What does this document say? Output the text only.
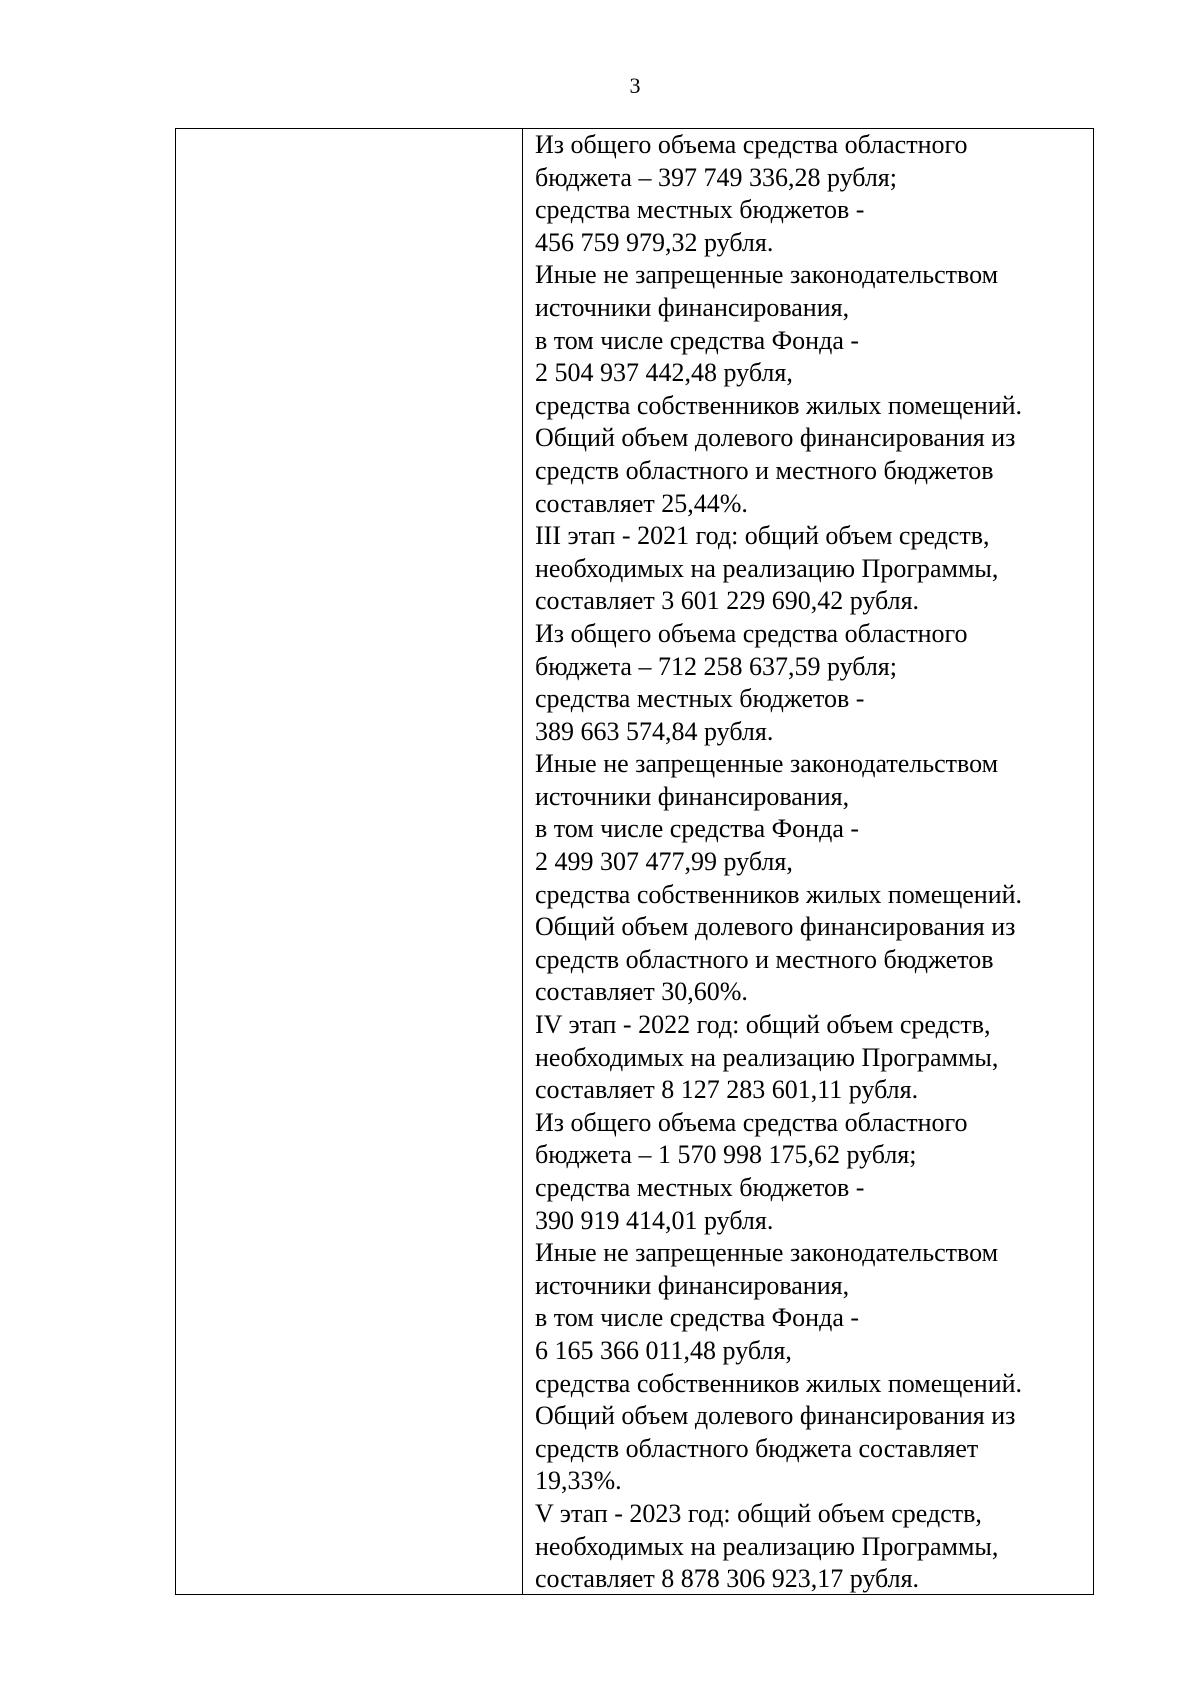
3
Из общего объема средства областного
бюджета – 397 749 336,28 рубля;
средства местных бюджетов -
456 759 979,32 рубля.
Иные не запрещенные законодательством
источники финансирования,
в том числе средства Фонда -
2 504 937 442,48 рубля,
средства собственников жилых помещений.
Общий объем долевого финансирования из
средств областного и местного бюджетов
составляет 25,44%.
III этап - 2021 год: общий объем средств,
необходимых на реализацию Программы,
составляет 3 601 229 690,42 рубля.
Из общего объема средства областного
бюджета – 712 258 637,59 рубля;
средства местных бюджетов -
389 663 574,84 рубля.
Иные не запрещенные законодательством
источники финансирования,
в том числе средства Фонда -
2 499 307 477,99 рубля,
средства собственников жилых помещений.
Общий объем долевого финансирования из
средств областного и местного бюджетов
составляет 30,60%.
IV этап - 2022 год: общий объем средств,
необходимых на реализацию Программы,
составляет 8 127 283 601,11 рубля.
Из общего объема средства областного
бюджета – 1 570 998 175,62 рубля;
средства местных бюджетов -
390 919 414,01 рубля.
Иные не запрещенные законодательством
источники финансирования,
в том числе средства Фонда -
6 165 366 011,48 рубля,
средства собственников жилых помещений.
Общий объем долевого финансирования из
средств областного бюджета составляет
19,33%.
V этап - 2023 год: общий объем средств,
необходимых на реализацию Программы,
составляет 8 878 306 923,17 рубля.
